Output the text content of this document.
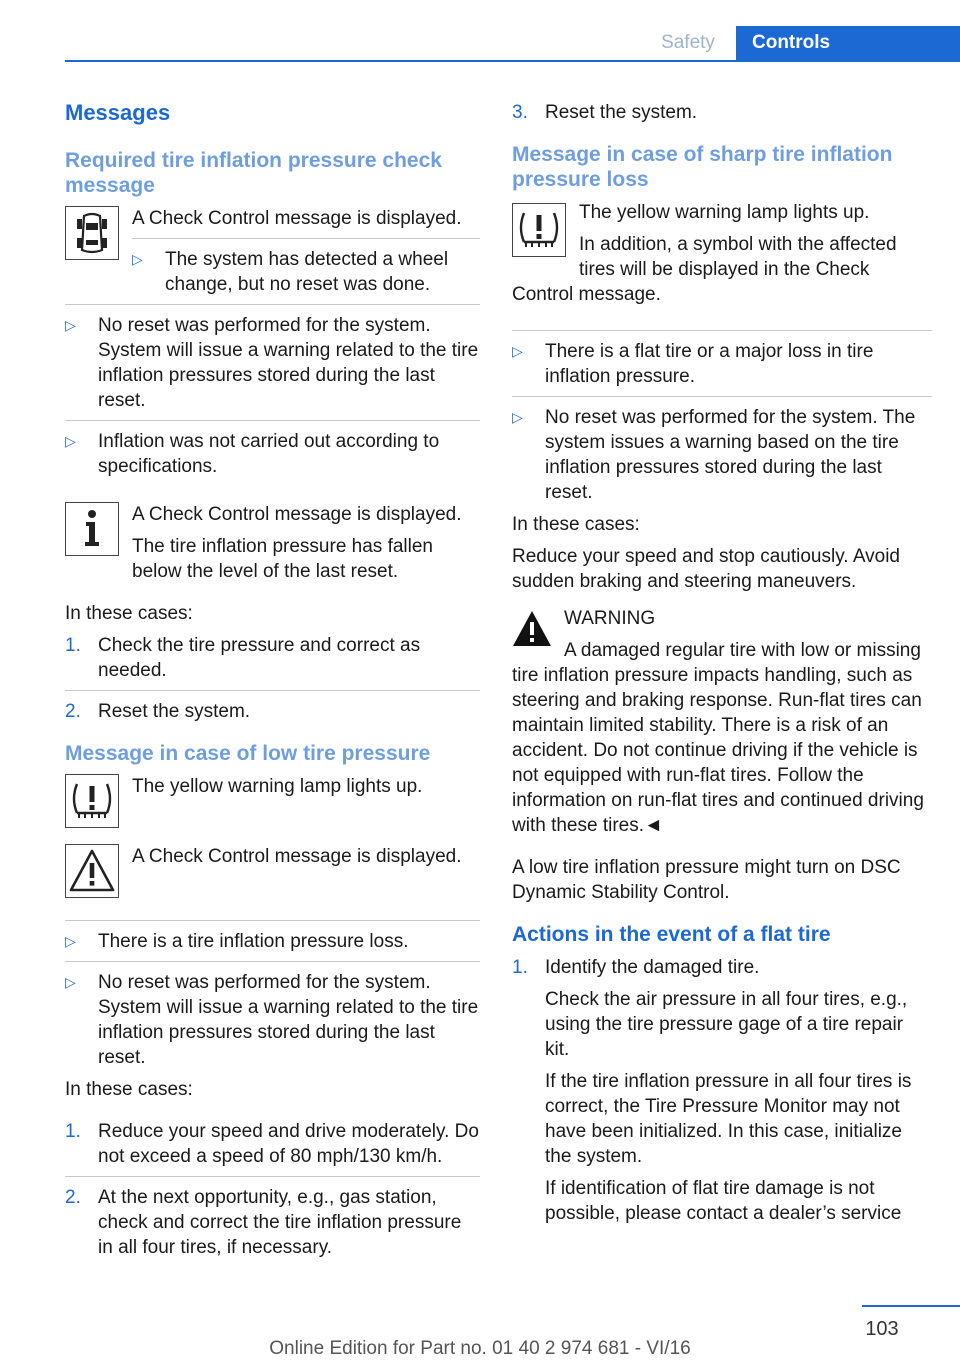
Safety	Controls
Messages
Required tire inflation pressure check message

A Check Control message is displayed.

▷ The system has detected a wheel change, but no reset was done.
▷ No reset was performed for the system. System will issue a warning related to the tire inflation pressures stored during the last reset.
▷ Inflation was not carried out according to specifications.

A Check Control message is displayed.

The tire inflation pressure has fallen below the level of the last reset.

In these cases:

1. Check the tire pressure and correct as needed.
2. Reset the system.
Message in case of low tire pressure

The yellow warning lamp lights up.

A Check Control message is displayed.

▷ There is a tire inflation pressure loss.
▷ No reset was performed for the system. System will issue a warning related to the tire inflation pressures stored during the last reset.

In these cases:

1. Reduce your speed and drive moderately. Do not exceed a speed of 80 mph/130 km/h.
2. At the next opportunity, e.g., gas station, check and correct the tire inflation pressure in all four tires, if necessary.
3. Reset the system.
Message in case of sharp tire inflation pressure loss

The yellow warning lamp lights up.

In addition, a symbol with the affected tires will be displayed in the Check Control message.

▷ There is a flat tire or a major loss in tire inflation pressure.
▷ No reset was performed for the system. The system issues a warning based on the tire inflation pressures stored during the last reset.

In these cases:

Reduce your speed and stop cautiously. Avoid sudden braking and steering maneuvers.

WARNING

A damaged regular tire with low or missing tire inflation pressure impacts handling, such as steering and braking response. Run-flat tires can maintain limited stability. There is a risk of an accident. Do not continue driving if the vehicle is not equipped with run-flat tires. Follow the information on run-flat tires and continued driving with these tires.◄

A low tire inflation pressure might turn on DSC Dynamic Stability Control.

Actions in the event of a flat tire
1. Identify the damaged tire.

Check the air pressure in all four tires, e.g., using the tire pressure gage of a tire repair kit.

If the tire inflation pressure in all four tires is correct, the Tire Pressure Monitor may not have been initialized. In this case, initialize the system.

If identification of flat tire damage is not possible, please contact a dealer’s service

103
Online Edition for Part no. 01 40 2 974 681 - VI/16
